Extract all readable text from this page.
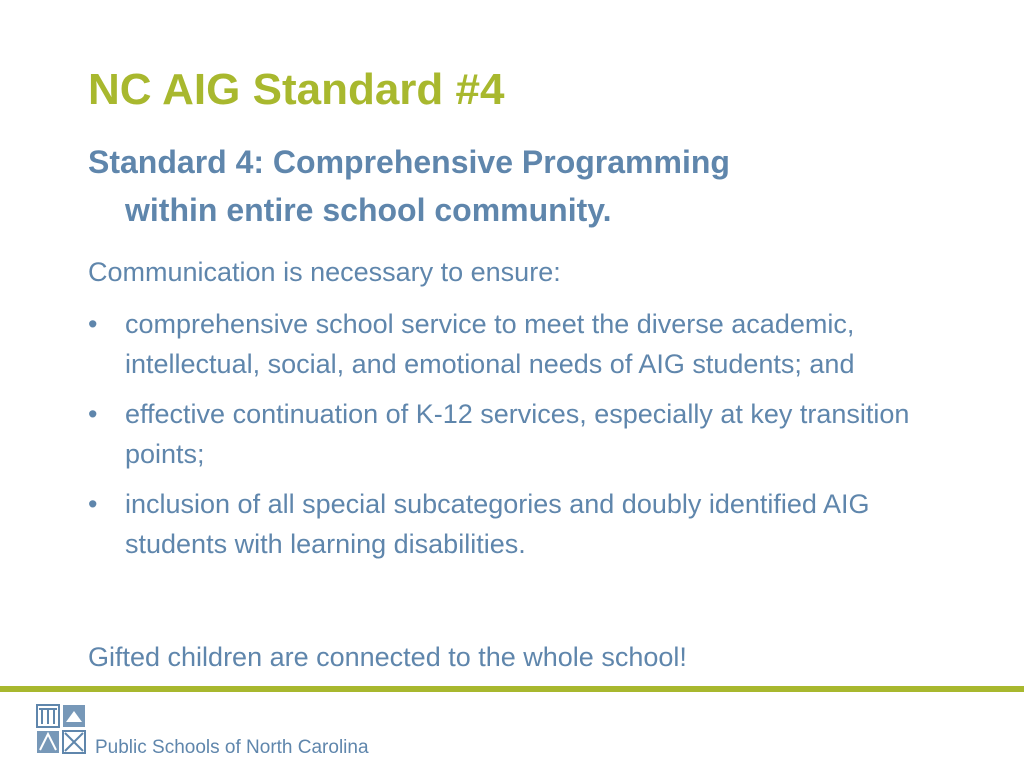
NC AIG Standard #4
Standard 4: Comprehensive Programming
within entire school community.

Communication is necessary to ensure:

•	comprehensive school service to meet the diverse academic, intellectual, social, and emotional needs of AIG students; and
•	effective continuation of K-12 services, especially at key transition points;
•	inclusion of all special subcategories and doubly identified AIG students with learning disabilities.

Gifted children are connected to the whole school!

Public Schools of North Carolina
